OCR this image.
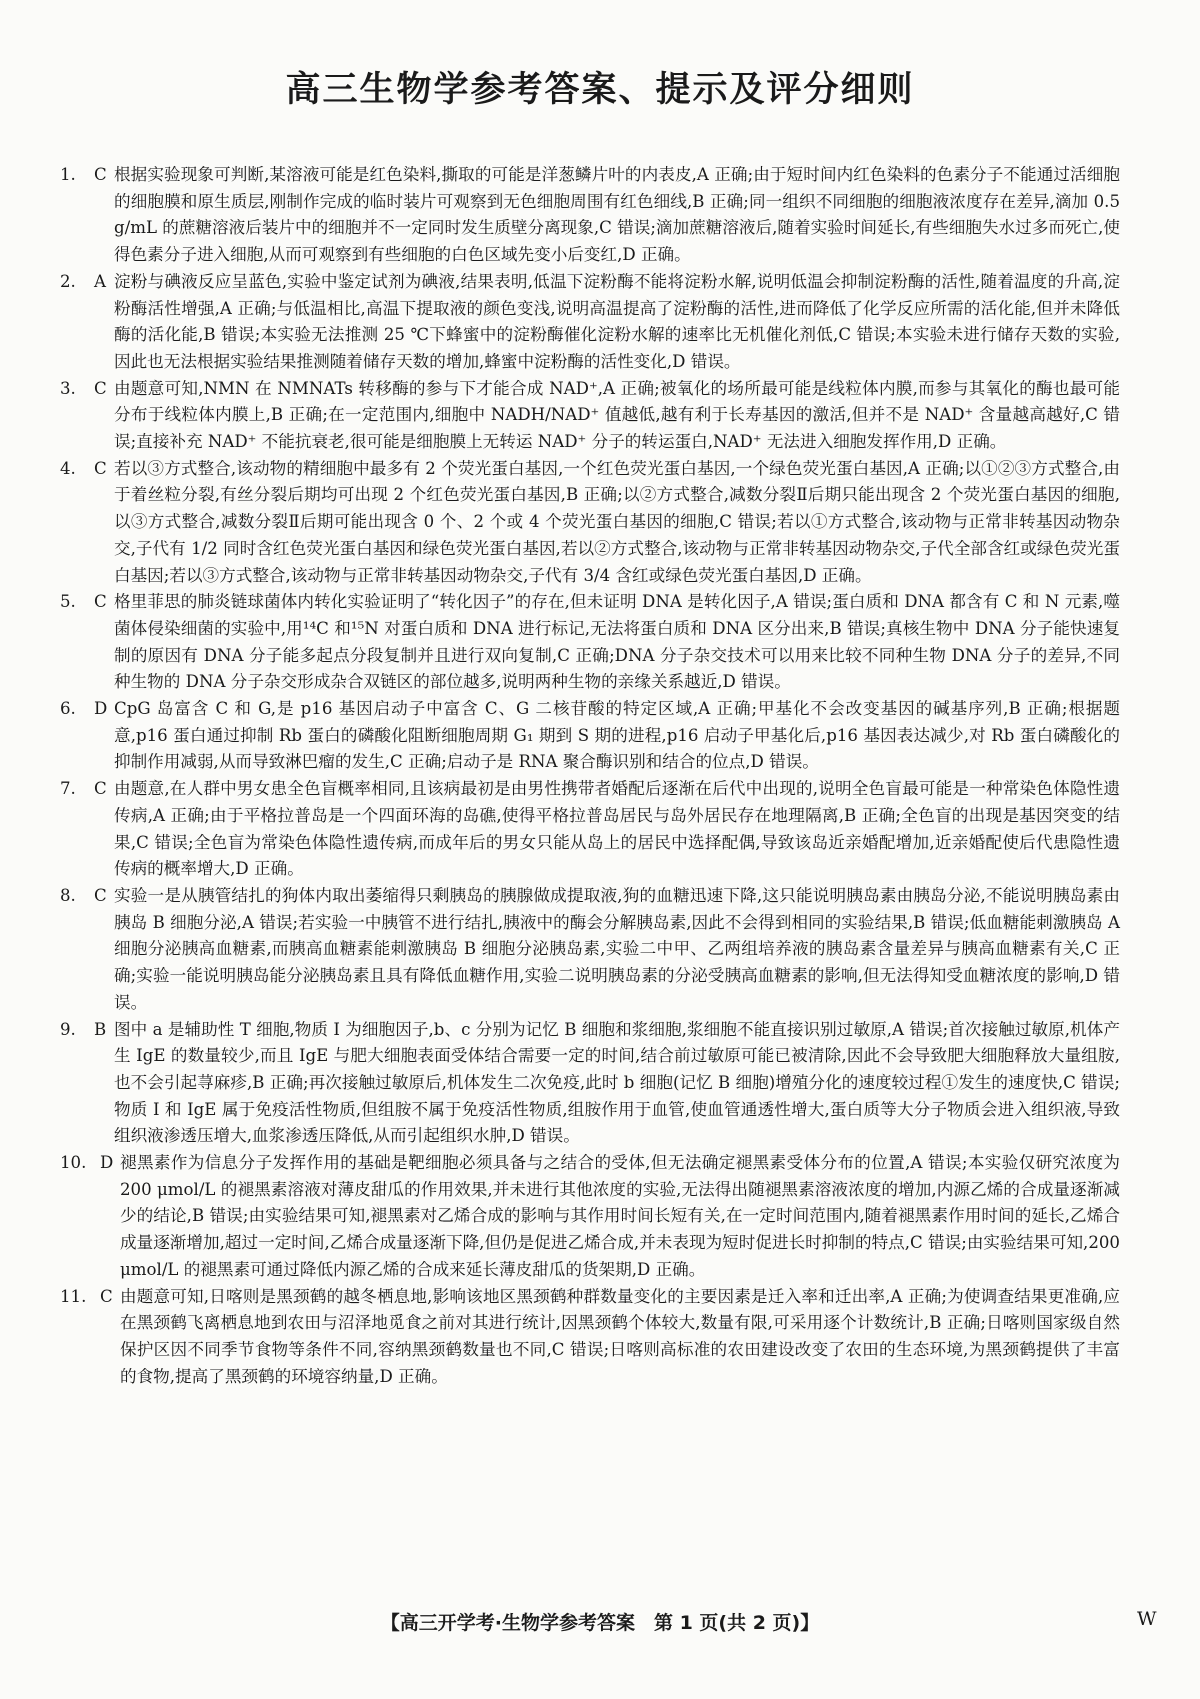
高三生物学参考答案、提示及评分细则
1.	C 根据实验现象可判断,某溶液可能是红色染料,撕取的可能是洋葱鳞片叶的内表皮,A 正确;由于短时间内红色染料的色素分子不能通过活细胞的细胞膜和原生质层,刚制作完成的临时装片可观察到无色细胞周围有红色细线,B 正确;同一组织不同细胞的细胞液浓度存在差异,滴加 0.5 g/mL 的蔗糖溶液后装片中的细胞并不一定同时发生质壁分离现象,C 错误;滴加蔗糖溶液后,随着实验时间延长,有些细胞失水过多而死亡,使得色素分子进入细胞,从而可观察到有些细胞的白色区域先变小后变红,D 正确。
2.	A 淀粉与碘液反应呈蓝色,实验中鉴定试剂为碘液,结果表明,低温下淀粉酶不能将淀粉水解,说明低温会抑制淀粉酶的活性,随着温度的升高,淀粉酶活性增强,A 正确;与低温相比,高温下提取液的颜色变浅,说明高温提高了淀粉酶的活性,进而降低了化学反应所需的活化能,但并未降低酶的活化能,B 错误;本实验无法推测 25 ℃下蜂蜜中的淀粉酶催化淀粉水解的速率比无机催化剂低,C 错误;本实验未进行储存天数的实验,因此也无法根据实验结果推测随着储存天数的增加,蜂蜜中淀粉酶的活性变化,D 错误。
3.	C 由题意可知,NMN 在 NMNATs 转移酶的参与下才能合成 NAD⁺,A 正确;被氧化的场所最可能是线粒体内膜,而参与其氧化的酶也最可能分布于线粒体内膜上,B 正确;在一定范围内,细胞中 NADH/NAD⁺ 值越低,越有利于长寿基因的激活,但并不是 NAD⁺ 含量越高越好,C 错误;直接补充 NAD⁺ 不能抗衰老,很可能是细胞膜上无转运 NAD⁺ 分子的转运蛋白,NAD⁺ 无法进入细胞发挥作用,D 正确。
4.	C 若以③方式整合,该动物的精细胞中最多有 2 个荧光蛋白基因,一个红色荧光蛋白基因,一个绿色荧光蛋白基因,A 正确;以①②③方式整合,由于着丝粒分裂,有丝分裂后期均可出现 2 个红色荧光蛋白基因,B 正确;以②方式整合,减数分裂Ⅱ后期只能出现含 2 个荧光蛋白基因的细胞,以③方式整合,减数分裂Ⅱ后期可能出现含 0 个、2 个或 4 个荧光蛋白基因的细胞,C 错误;若以①方式整合,该动物与正常非转基因动物杂交,子代有 1/2 同时含红色荧光蛋白基因和绿色荧光蛋白基因,若以②方式整合,该动物与正常非转基因动物杂交,子代全部含红或绿色荧光蛋白基因;若以③方式整合,该动物与正常非转基因动物杂交,子代有 3/4 含红或绿色荧光蛋白基因,D 正确。
5.	C 格里菲思的肺炎链球菌体内转化实验证明了“转化因子”的存在,但未证明 DNA 是转化因子,A 错误;蛋白质和 DNA 都含有 C 和 N 元素,噬菌体侵染细菌的实验中,用¹⁴C 和¹⁵N 对蛋白质和 DNA 进行标记,无法将蛋白质和 DNA 区分出来,B 错误;真核生物中 DNA 分子能快速复制的原因有 DNA 分子能多起点分段复制并且进行双向复制,C 正确;DNA 分子杂交技术可以用来比较不同种生物 DNA 分子的差异,不同种生物的 DNA 分子杂交形成杂合双链区的部位越多,说明两种生物的亲缘关系越近,D 错误。
6.	D CpG 岛富含 C 和 G,是 p16 基因启动子中富含 C、G 二核苷酸的特定区域,A 正确;甲基化不会改变基因的碱基序列,B 正确;根据题意,p16 蛋白通过抑制 Rb 蛋白的磷酸化阻断细胞周期 G₁ 期到 S 期的进程,p16 启动子甲基化后,p16 基因表达减少,对 Rb 蛋白磷酸化的抑制作用减弱,从而导致淋巴瘤的发生,C 正确;启动子是 RNA 聚合酶识别和结合的位点,D 错误。
7.	C 由题意,在人群中男女患全色盲概率相同,且该病最初是由男性携带者婚配后逐渐在后代中出现的,说明全色盲最可能是一种常染色体隐性遗传病,A 正确;由于平格拉普岛是一个四面环海的岛礁,使得平格拉普岛居民与岛外居民存在地理隔离,B 正确;全色盲的出现是基因突变的结果,C 错误;全色盲为常染色体隐性遗传病,而成年后的男女只能从岛上的居民中选择配偶,导致该岛近亲婚配增加,近亲婚配使后代患隐性遗传病的概率增大,D 正确。
8.	C 实验一是从胰管结扎的狗体内取出萎缩得只剩胰岛的胰腺做成提取液,狗的血糖迅速下降,这只能说明胰岛素由胰岛分泌,不能说明胰岛素由胰岛 B 细胞分泌,A 错误;若实验一中胰管不进行结扎,胰液中的酶会分解胰岛素,因此不会得到相同的实验结果,B 错误;低血糖能刺激胰岛 A 细胞分泌胰高血糖素,而胰高血糖素能刺激胰岛 B 细胞分泌胰岛素,实验二中甲、乙两组培养液的胰岛素含量差异与胰高血糖素有关,C 正确;实验一能说明胰岛能分泌胰岛素且具有降低血糖作用,实验二说明胰岛素的分泌受胰高血糖素的影响,但无法得知受血糖浓度的影响,D 错误。
9.	B 图中 a 是辅助性 T 细胞,物质 I 为细胞因子,b、c 分别为记忆 B 细胞和浆细胞,浆细胞不能直接识别过敏原,A 错误;首次接触过敏原,机体产生 IgE 的数量较少,而且 IgE 与肥大细胞表面受体结合需要一定的时间,结合前过敏原可能已被清除,因此不会导致肥大细胞释放大量组胺,也不会引起荨麻疹,B 正确;再次接触过敏原后,机体发生二次免疫,此时 b 细胞(记忆 B 细胞)增殖分化的速度较过程①发生的速度快,C 错误;物质 I 和 IgE 属于免疫活性物质,但组胺不属于免疫活性物质,组胺作用于血管,使血管通透性增大,蛋白质等大分子物质会进入组织液,导致组织液渗透压增大,血浆渗透压降低,从而引起组织水肿,D 错误。
10. D 褪黑素作为信息分子发挥作用的基础是靶细胞必须具备与之结合的受体,但无法确定褪黑素受体分布的位置,A 错误;本实验仅研究浓度为 200 μmol/L 的褪黑素溶液对薄皮甜瓜的作用效果,并未进行其他浓度的实验,无法得出随褪黑素溶液浓度的增加,内源乙烯的合成量逐渐减少的结论,B 错误;由实验结果可知,褪黑素对乙烯合成的影响与其作用时间长短有关,在一定时间范围内,随着褪黑素作用时间的延长,乙烯合成量逐渐增加,超过一定时间,乙烯合成量逐渐下降,但仍是促进乙烯合成,并未表现为短时促进长时抑制的特点,C 错误;由实验结果可知,200 μmol/L 的褪黑素可通过降低内源乙烯的合成来延长薄皮甜瓜的货架期,D 正确。
11. C 由题意可知,日喀则是黑颈鹤的越冬栖息地,影响该地区黑颈鹤种群数量变化的主要因素是迁入率和迁出率,A 正确;为使调查结果更准确,应在黑颈鹤飞离栖息地到农田与沼泽地觅食之前对其进行统计,因黑颈鹤个体较大,数量有限,可采用逐个计数统计,B 正确;日喀则国家级自然保护区因不同季节食物等条件不同,容纳黑颈鹤数量也不同,C 错误;日喀则高标准的农田建设改变了农田的生态环境,为黑颈鹤提供了丰富的食物,提高了黑颈鹤的环境容纳量,D 正确。
【高三开学考·生物学参考答案　第 1 页(共 2 页)】	W
